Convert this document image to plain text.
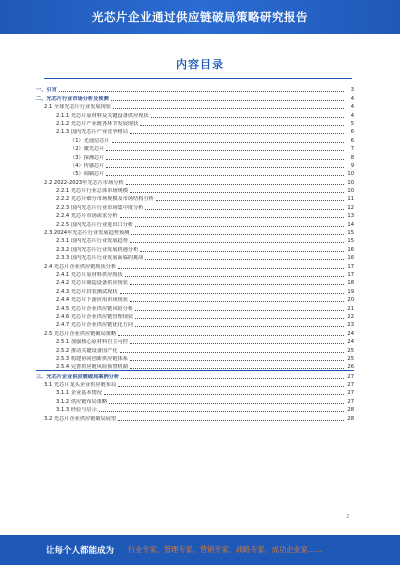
光芯片企业通过供应链破局策略研究报告
内容目录
一、引言	3
二、光芯片行业市场分析及预测	4
2.1 全球光芯片行业发展现状	4
2.1.1 光芯片原材料及关键设备供应现状	4
2.1.2 光芯片产业链各环节发展现状	5
2.1.3 国内光芯片产业竞争格局	6
（1）光通信芯片	6
（2）激光芯片	7
（3）探测芯片	8
（4）传感芯片	9
（5）调制芯片	10
2.2 2022-2023年光芯片市场分析	10
2.2.1 光芯片行业总体市场规模	10
2.2.2 光芯片细分市场规模及市场结构分析	11
2.2.3 国内光芯片行业市场集中度分析	12
2.2.4 光芯片市场需求分析	13
2.2.5 国内光芯片行业进出口分析	14
2.3 2024年光芯片行业发展趋势预测	15
2.3.1 国内光芯片行业发展趋势	15
2.3.2 国内光芯片行业发展机遇分析	16
2.3.3 国内光芯片行业发展面临的挑战	16
2.4 光芯片企业供应链现状分析	17
2.4.1 光芯片原材料供应现状	17
2.4.2 光芯片制造设备供应现状	18
2.4.3 光芯片封装测试现状	19
2.4.4 光芯片下游应用市场现状	20
2.4.5 光芯片企业供应链风险分析	21
2.4.6 光芯片企业供应链管理现状	22
2.4.7 光芯片企业供应链优化方向	23
2.5 光芯片企业供应链破局策略	24
2.5.1 加强核心原材料自主可控	24
2.5.2 推动关键设备国产化	25
2.5.3 构建协同创新供应链体系	25
2.5.4 完善供应链风险预警机制	26
三、光芯片企业供应链破局案例分析	27
3.1 光芯片龙头企业供应链布局	27
3.1.1 企业基本情况	27
3.1.2 供应链布局策略	27
3.1.3 经验与启示	28
3.2 光芯片企业供应链破局展望	28
2
让每个人都能成为 行业专家、管理专家、营销专家、战略专家、成功企业家……
